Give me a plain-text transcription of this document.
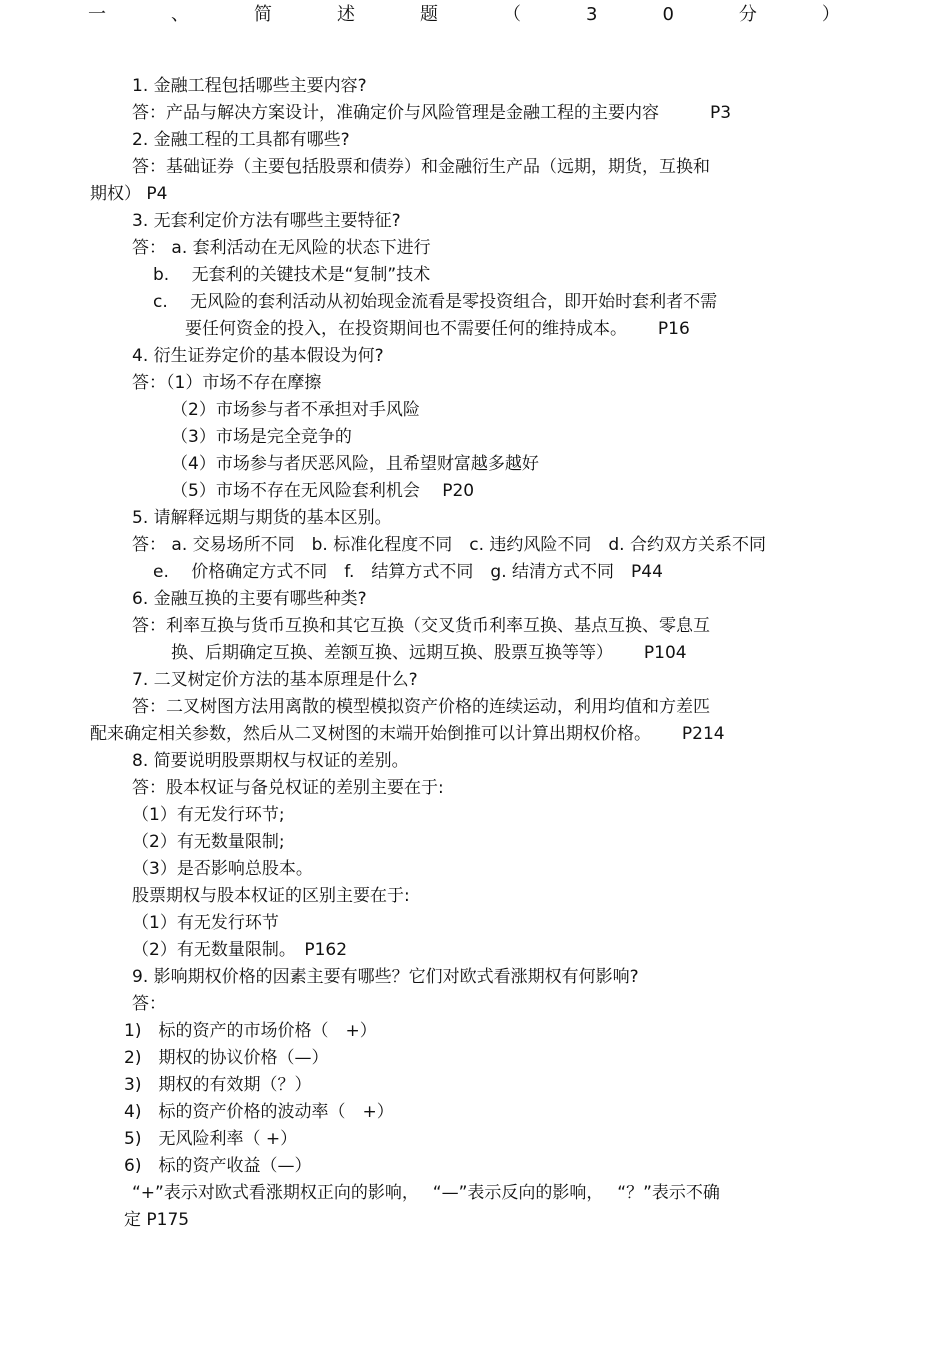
一	、	简	述	题	（	3	0	分	）
1. 金融工程包括哪些主要内容?
答：产品与解决方案设计，准确定价与风险管理是金融工程的主要内容　　　P3
2. 金融工程的工具都有哪些?
答：基础证券（主要包括股票和债券）和金融衍生产品（远期，期货，互换和
期权） P4
3. 无套利定价方法有哪些主要特征?
答： a. 套利活动在无风险的状态下进行
b.　 无套利的关键技术是“复制”技术
c.　 无风险的套利活动从初始现金流看是零投资组合，即开始时套利者不需
要任何资金的投入，在投资期间也不需要任何的维持成本。　　 P16
4. 衍生证券定价的基本假设为何?
答：（1）市场不存在摩擦
（2）市场参与者不承担对手风险
（3）市场是完全竞争的
（4）市场参与者厌恶风险，且希望财富越多越好
（5）市场不存在无风险套利机会　 P20
5. 请解释远期与期货的基本区别。
答： a. 交易场所不同　b. 标准化程度不同　c. 违约风险不同　d. 合约双方关系不同
e.　 价格确定方式不同　f.　结算方式不同　g. 结清方式不同　P44
6. 金融互换的主要有哪些种类?
答：利率互换与货币互换和其它互换（交叉货币利率互换、基点互换、零息互
换、后期确定互换、差额互换、远期互换、股票互换等等）　　 P104
7. 二叉树定价方法的基本原理是什么?
答：二叉树图方法用离散的模型模拟资产价格的连续运动，利用均值和方差匹
配来确定相关参数，然后从二叉树图的末端开始倒推可以计算出期权价格。　　 P214
8. 简要说明股票期权与权证的差别。
答：股本权证与备兑权证的差别主要在于:
（1）有无发行环节;
（2）有无数量限制;
（3）是否影响总股本。
股票期权与股本权证的区别主要在于:
（1）有无发行环节
（2）有无数量限制。　P162
9. 影响期权价格的因素主要有哪些？它们对欧式看涨期权有何影响?
答：
1)　标的资产的市场价格（　+）
2)　期权的协议价格（—）
3)　期权的有效期（？）
4)　标的资产价格的波动率（　+）
5)　无风险利率（ +）
6)　标的资产收益（—）
“+”表示对欧式看涨期权正向的影响，　 “—”表示反向的影响，　 “？”表示不确
定 P175
